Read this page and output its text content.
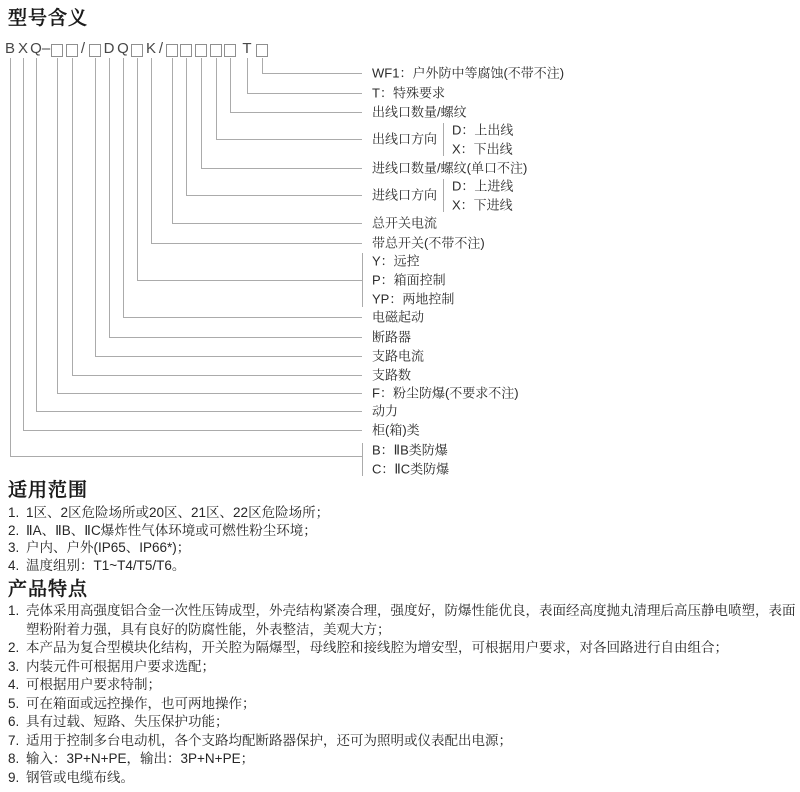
型号含义
B X Q – / D Q K /	T
WF1：户外防中等腐蚀(不带不注)
T：特殊要求
出线口数量/螺纹
出线口方向
D：上出线
X：下出线
进线口数量/螺纹(单口不注)
进线口方向
D：上进线
X：下进线
总开关电流
带总开关(不带不注)
Y：远控
P：箱面控制
YP：两地控制
电磁起动
断路器
支路电流
支路数
F：粉尘防爆(不要求不注)
动力
柜(箱)类
B：ⅡB类防爆
C：ⅡC类防爆
适用范围
1. 1区、2区危险场所或20区、21区、22区危险场所；
2. ⅡA、ⅡB、ⅡC爆炸性气体环境或可燃性粉尘环境；
3. 户内、户外(IP65、IP66*)；
4. 温度组别：T1~T4/T5/T6。
产品特点
1. 壳体采用高强度铝合金一次性压铸成型，外壳结构紧凑合理，强度好，防爆性能优良，表面经高度抛丸清理后高压静电喷塑，表面塑粉附着力强，具有良好的防腐性能，外表整洁，美观大方；
2. 本产品为复合型模块化结构，开关腔为隔爆型，母线腔和接线腔为增安型，可根据用户要求，对各回路进行自由组合；
3. 内装元件可根据用户要求选配；
4. 可根据用户要求特制；
5. 可在箱面或远控操作，也可两地操作；
6. 具有过载、短路、失压保护功能；
7. 适用于控制多台电动机，各个支路均配断路器保护，还可为照明或仪表配出电源；
8. 输入：3P+N+PE，输出：3P+N+PE；
9. 钢管或电缆布线。
